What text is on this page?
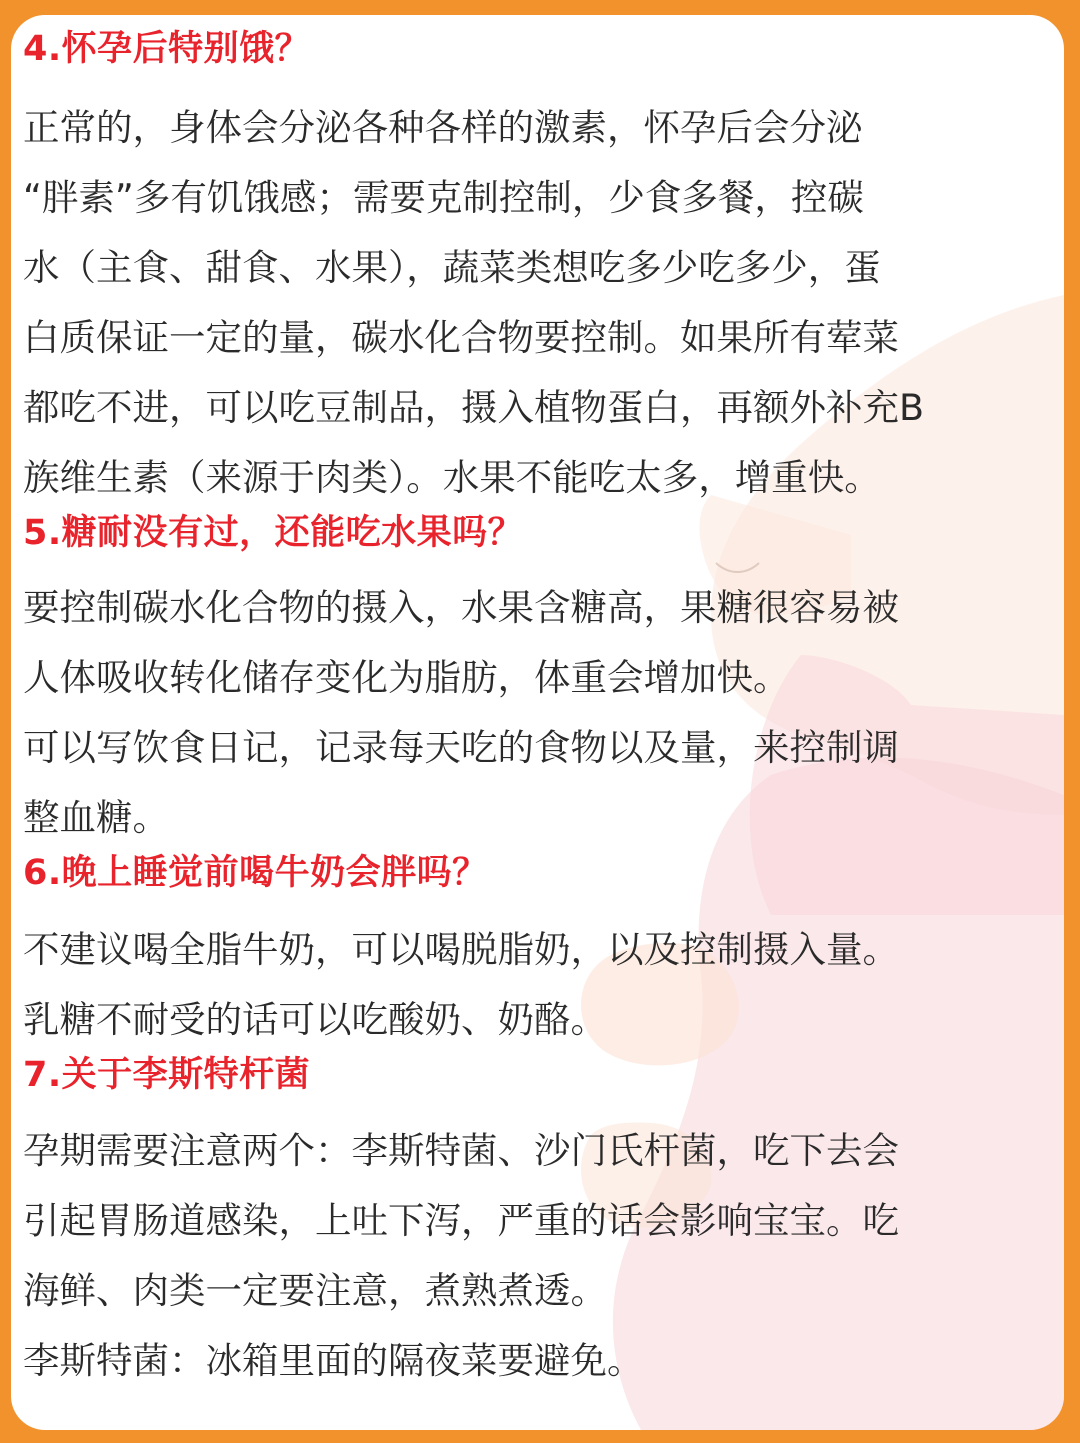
4.怀孕后特别饿？
正常的，身体会分泌各种各样的激素，怀孕后会分泌
“胖素”多有饥饿感；需要克制控制，少食多餐，控碳
水（主食、甜食、水果），蔬菜类想吃多少吃多少，蛋
白质保证一定的量，碳水化合物要控制。如果所有荤菜
都吃不进，可以吃豆制品，摄入植物蛋白，再额外补充B
族维生素（来源于肉类）。水果不能吃太多，增重快。
5.糖耐没有过，还能吃水果吗？
要控制碳水化合物的摄入，水果含糖高，果糖很容易被
人体吸收转化储存变化为脂肪，体重会增加快。
可以写饮食日记，记录每天吃的食物以及量，来控制调
整血糖。
6.晚上睡觉前喝牛奶会胖吗？
不建议喝全脂牛奶，可以喝脱脂奶，以及控制摄入量。
乳糖不耐受的话可以吃酸奶、奶酪。
7.关于李斯特杆菌
孕期需要注意两个：李斯特菌、沙门氏杆菌，吃下去会
引起胃肠道感染，上吐下泻，严重的话会影响宝宝。吃
海鲜、肉类一定要注意，煮熟煮透。
李斯特菌：冰箱里面的隔夜菜要避免。
